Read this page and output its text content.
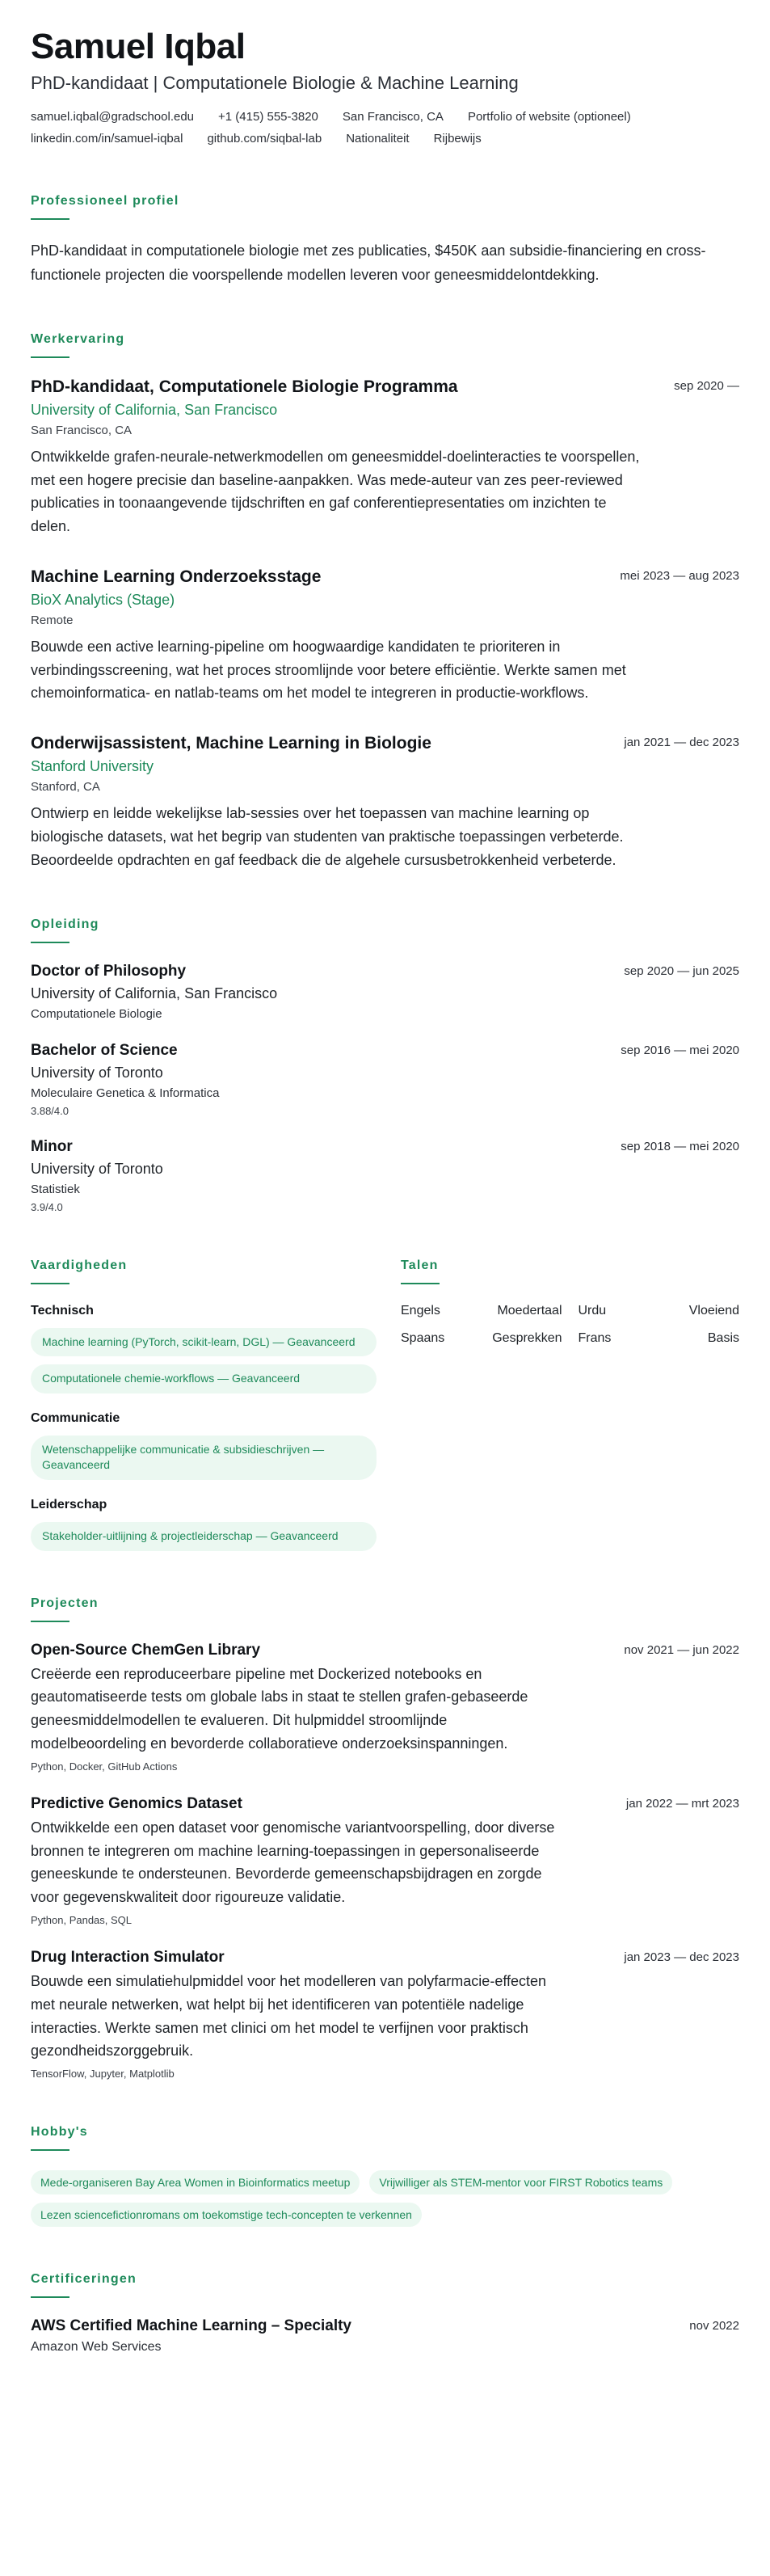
Samuel Iqbal
PhD-kandidaat | Computationele Biologie & Machine Learning
samuel.iqbal@gradschool.edu +1 (415) 555-3820 San Francisco, CA Portfolio of website (optioneel)
linkedin.com/in/samuel-iqbal github.com/siqbal-lab Nationaliteit Rijbewijs
Professioneel profiel

PhD-kandidaat in computationele biologie met zes publicaties, $450K aan subsidie-financiering en cross-functionele projecten die voorspellende modellen leveren voor geneesmiddelontdekking.

Werkervaring
sep 2020 —
PhD-kandidaat, Computationele Biologie Programma
University of California, San Francisco
San Francisco, CA
Ontwikkelde grafen-neurale-netwerkmodellen om geneesmiddel-doelinteracties te voorspellen, met een hogere precisie dan baseline-aanpakken. Was mede-auteur van zes peer-reviewed publicaties in toonaangevende tijdschriften en gaf conferentiepresentaties om inzichten te delen.
mei 2023 — aug 2023
Machine Learning Onderzoeksstage
BioX Analytics (Stage)
Remote
Bouwde een active learning-pipeline om hoogwaardige kandidaten te prioriteren in verbindingsscreening, wat het proces stroomlijnde voor betere efficiëntie. Werkte samen met chemoinformatica- en natlab-teams om het model te integreren in productie-workflows.
jan 2021 — dec 2023
Onderwijsassistent, Machine Learning in Biologie
Stanford University
Stanford, CA
Ontwierp en leidde wekelijkse lab-sessies over het toepassen van machine learning op biologische datasets, wat het begrip van studenten van praktische toepassingen verbeterde. Beoordeelde opdrachten en gaf feedback die de algehele cursusbetrokkenheid verbeterde.
Opleiding
sep 2020 — jun 2025
Doctor of Philosophy
University of California, San Francisco
Computationele Biologie
sep 2016 — mei 2020
Bachelor of Science
University of Toronto
Moleculaire Genetica & Informatica
3.88/4.0
sep 2018 — mei 2020
Minor
University of Toronto
Statistiek
3.9/4.0
Vaardigheden
Technisch
Machine learning (PyTorch, scikit-learn, DGL) — Geavanceerd
Computationele chemie-workflows — Geavanceerd
Communicatie
Wetenschappelijke communicatie & subsidieschrijven — Geavanceerd
Leiderschap
Stakeholder-uitlijning & projectleiderschap — Geavanceerd
Talen
Engels	Moedertaal Urdu	Vloeiend
Spaans	Gesprekken Frans	Basis
Projecten
nov 2021 — jun 2022
Open-Source ChemGen Library
Creëerde een reproduceerbare pipeline met Dockerized notebooks en geautomatiseerde tests om globale labs in staat te stellen grafen-gebaseerde geneesmiddelmodellen te evalueren. Dit hulpmiddel stroomlijnde modelbeoordeling en bevorderde collaboratieve onderzoeksinspanningen.
Python, Docker, GitHub Actions
jan 2022 — mrt 2023
Predictive Genomics Dataset
Ontwikkelde een open dataset voor genomische variantvoorspelling, door diverse bronnen te integreren om machine learning-toepassingen in gepersonaliseerde geneeskunde te ondersteunen. Bevorderde gemeenschapsbijdragen en zorgde voor gegevenskwaliteit door rigoureuze validatie.
Python, Pandas, SQL
jan 2023 — dec 2023
Drug Interaction Simulator
Bouwde een simulatiehulpmiddel voor het modelleren van polyfarmacie-effecten met neurale netwerken, wat helpt bij het identificeren van potentiële nadelige interacties. Werkte samen met clinici om het model te verfijnen voor praktisch gezondheidszorggebruik.
TensorFlow, Jupyter, Matplotlib
Hobby's
Mede-organiseren Bay Area Women in Bioinformatics meetup	Vrijwilliger als STEM-mentor voor FIRST Robotics teams
Lezen sciencefictionromans om toekomstige tech-concepten te verkennen
Certificeringen
nov 2022
AWS Certified Machine Learning – Specialty
Amazon Web Services
